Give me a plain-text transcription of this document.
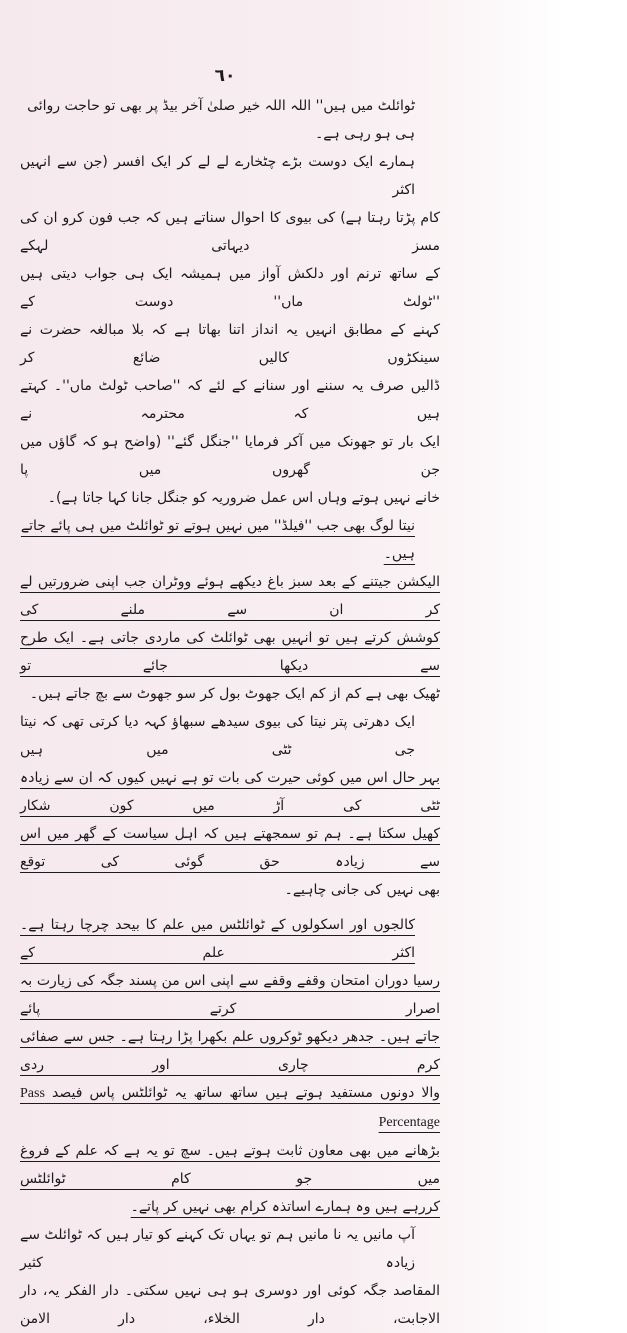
٦٠
ٹوائلٹ میں ہیں'' اللہ اللہ خیر صلیٰ آخر بیڈ پر بھی تو حاجت روائی ہی ہو رہی ہے۔
ہمارے ایک دوست بڑے چٹخارے لے لے کر ایک افسر (جن سے انہیں اکثر
کام پڑتا رہتا ہے) کی بیوی کا احوال سناتے ہیں کہ جب فون کرو ان کی مسز دیہاتی لہکے
کے ساتھ ترنم اور دلکش آواز میں ہمیشہ ایک ہی جواب دیتی ہیں ''ٹولٹ ماں'' دوست کے
کہنے کے مطابق انہیں یہ انداز اتنا بھاتا ہے کہ بلا مبالغہ حضرت نے سینکڑوں کالیں ضائع کر
ڈالیں صرف یہ سننے اور سنانے کے لئے کہ ''صاحب ٹولٹ ماں''۔ کہتے ہیں کہ محترمہ نے
ایک بار تو جھونک میں آکر فرمایا ''جنگل گئے'' (واضح ہو کہ گاؤں میں جن گھروں میں پا
خانے نہیں ہوتے وہاں اس عمل ضروریہ کو جنگل جانا کہا جاتا ہے)۔
نیتا لوگ بھی جب ''فیلڈ'' میں نہیں ہوتے تو ٹوائلٹ میں ہی پائے جاتے ہیں۔
الیکشن جیتنے کے بعد سبز باغ دیکھے ہوئے ووٹران جب اپنی ضرورتیں لے کر ان سے ملنے کی
کوشش کرتے ہیں تو انہیں بھی ٹوائلٹ کی ماردی جاتی ہے۔ ایک طرح سے دیکھا جائے تو
ٹھیک بھی ہے کم از کم ایک جھوٹ بول کر سو جھوٹ سے بچ جاتے ہیں۔
ایک دھرتی پتر نیتا کی بیوی سیدھے سبھاؤ کہہ دیا کرتی تھی کہ نیتا جی ٹٹی میں ہیں
بہر حال اس میں کوئی حیرت کی بات تو ہے نہیں کیوں کہ ان سے زیادہ ٹٹی کی آڑ میں کون شکار
کھیل سکتا ہے۔ ہم تو سمجھتے ہیں کہ اہل سیاست کے گھر میں اس سے زیادہ حق گوئی کی توقع
بھی نہیں کی جانی چاہیے۔
کالجوں اور اسکولوں کے ٹوائلٹس میں علم کا بیحد چرچا رہتا ہے۔ اکثر علم کے
رسیا دوران امتحان وقفے وقفے سے اپنی اس من پسند جگہ کی زیارت بہ اصرار کرتے پائے
جاتے ہیں۔ جدھر دیکھو ٹوکروں علم بکھرا پڑا رہتا ہے۔ جس سے صفائی کرم چاری اور ردی
والا دونوں مستفید ہوتے ہیں ساتھ ساتھ یہ ٹوائلٹس پاس فیصد Pass Percentage
بڑھانے میں بھی معاون ثابت ہوتے ہیں۔ سچ تو یہ ہے کہ علم کے فروغ میں جو کام ٹوائلٹس
کررہے ہیں وہ ہمارے اساتذہ کرام بھی نہیں کر پاتے۔
آپ مانیں یہ نا مانیں ہم تو یہاں تک کہنے کو تیار ہیں کہ ٹوائلٹ سے زیادہ کثیر
المقاصد جگہ کوئی اور دوسری ہو ہی نہیں سکتی۔ دار الفکر یہ، دار الاجابت، دار الخلاء، دار الامن
